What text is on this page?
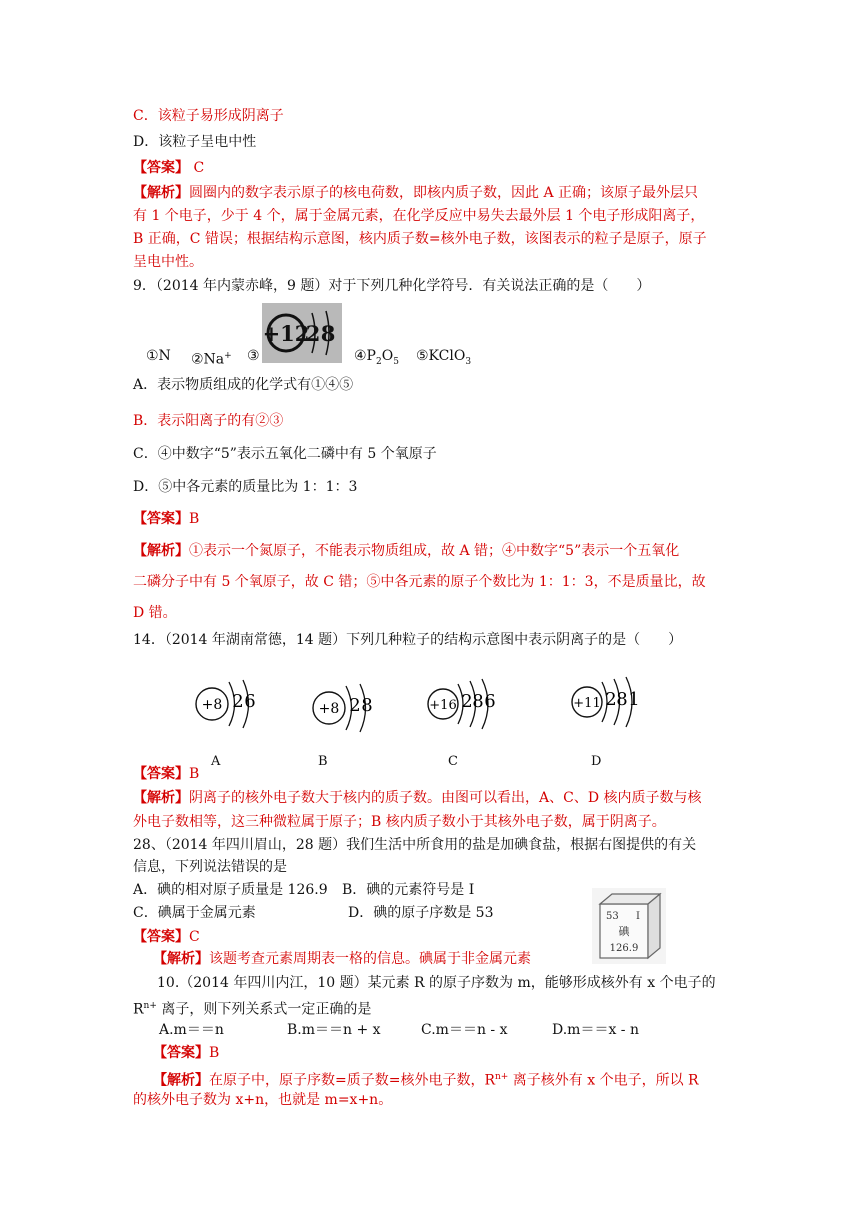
C．该粒子易形成阴离子
D．该粒子呈电中性
【答案】 C
【解析】圆圈内的数字表示原子的核电荷数，即核内质子数，因此 A 正确；该原子最外层只
有 1 个电子，少于 4 个，属于金属元素，在化学反应中易失去最外层 1 个电子形成阳离子，
B 正确，C 错误；根据结构示意图，核内质子数=核外电子数，该图表示的粒子是原子，原子
呈电中性。
9．（2014 年内蒙赤峰，9 题）对于下列几种化学符号．有关说法正确的是（　　）
①N ②Na+ ③
+12
2 8
$④P_2O_5$ ⑤KClO$_3$
A．表示物质组成的化学式有①④⑤
B．表示阳离子的有②③
C．④中数字“5”表示五氧化二磷中有 5 个氧原子
D．⑤中各元素的质量比为 1：1：3
【答案】B
【解析】①表示一个氮原子，不能表示物质组成，故 A 错；④中数字“5”表示一个五氧化
二磷分子中有 5 个氧原子，故 C 错；⑤中各元素的原子个数比为 1：1：3，不是质量比，故
D 错。
14．（2014 年湖南常德，14 题）下列几种粒子的结构示意图中表示阴离子的是（　　）
+8 2 6
A
+8 2 8
B
+16 2 8 6
C
+11 2 8 1
D
【答案】B
【解析】阴离子的核外电子数大于核内的质子数。由图可以看出，A、C、D 核内质子数与核
外电子数相等，这三种微粒属于原子；B 核内质子数小于其核外电子数，属于阴离子。
28、（2014 年四川眉山，28 题）我们生活中所食用的盐是加碘食盐，根据右图提供的有关
信息，下列说法错误的是
A．碘的相对原子质量是 126.9 B．碘的元素符号是 I
C．碘属于金属元素	D．碘的原子序数是 53	53 I
碘
126.9
【答案】C
【解析】该题考查元素周期表一格的信息。碘属于非金属元素
10.（2014 年四川内江，10 题）某元素 R 的原子序数为 m，能够形成核外有 x 个电子的
$R^{n+}$ 离子，则下列关系式一定正确的是
A.m＝＝n	B.m＝＝n + x	C.m＝＝n - x	D.m＝＝x - n
【答案】B
【解析】在原子中，原子序数=质子数=核外电子数，$R^{n+}$ 离子核外有 x 个电子，所以 R
的核外电子数为 x+n，也就是 m=x+n。
